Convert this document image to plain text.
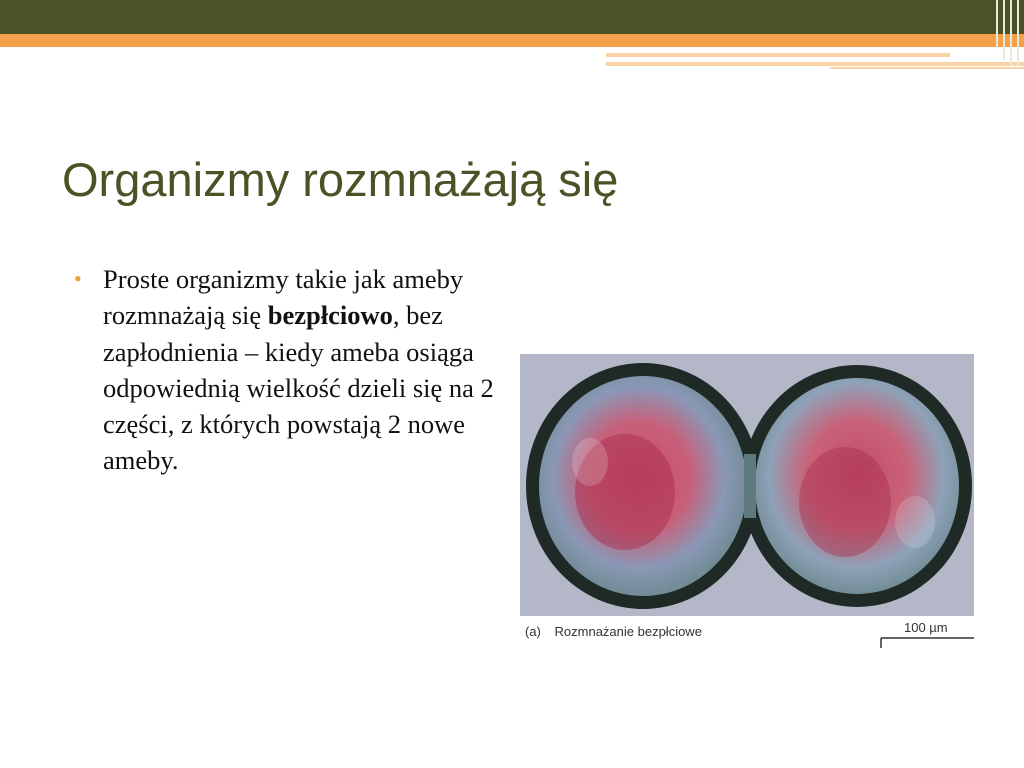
Organizmy rozmnażają się
• Proste organizmy takie jak ameby rozmnażają się bezpłciowo, bez zapłodnienia – kiedy ameba osiąga odpowiednią wielkość dzieli się na 2 części, z których powstają 2 nowe ameby.
(a) Rozmnażanie bezpłciowe	100 µm
